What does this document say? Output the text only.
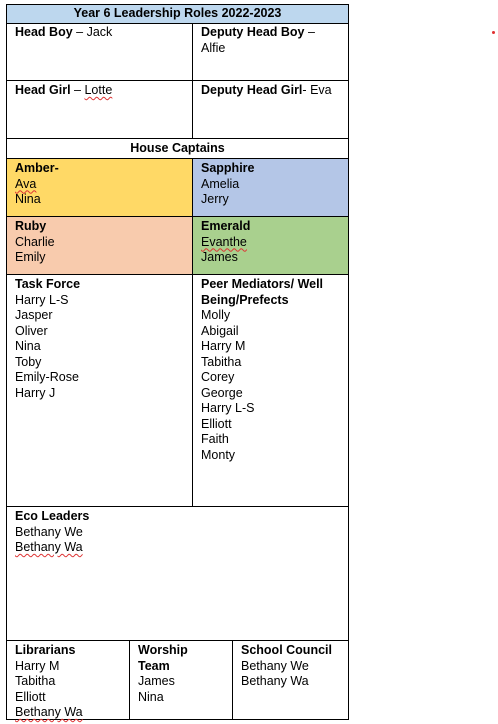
Year 6 Leadership Roles 2022-2023
Head Boy – Jack	Deputy Head Boy –
Alfie
Head Girl – Lotte	Deputy Head Girl- Eva
House Captains
Amber-
Ava
Nina
Sapphire
Amelia
Jerry
Ruby
Charlie
Emily
Emerald
Evanthe
James
Task Force
Harry L-S
Jasper
Oliver
Nina
Toby
Emily-Rose
Harry J
Peer Mediators/ Well
Being/Prefects
Molly
Abigail
Harry M
Tabitha
Corey
George
Harry L-S
Elliott
Faith
Monty
Eco Leaders
Bethany We
Bethany Wa
Librarians
Harry M
Tabitha
Elliott
Bethany Wa
Worship
Team
James
Nina
School Council
Bethany We
Bethany Wa
